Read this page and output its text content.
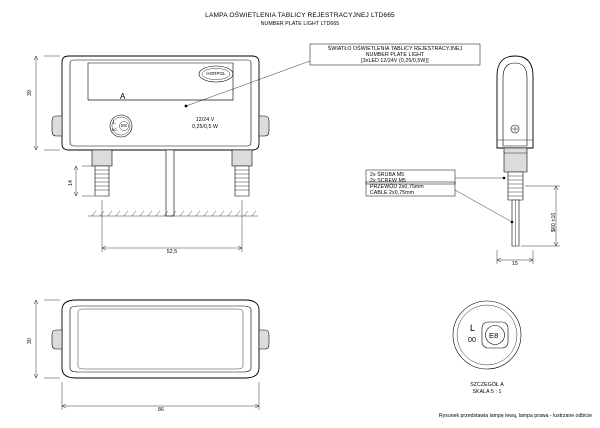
LAMPA OŚWIETLENIA TABLICY REJESTRACYJNEJ LTD665
NUMBER PLATE LIGHT LTD665
ŚWIATŁO OŚWIETLENIA TABLICY REJESTRACYJNEJ
NUMBER PLATE LIGHT
[3xLED 12/24V (0,25/0,5W)]
2x ŚRUBA M5
2x SCREW M5
PRZEWÓD 2x0,75mm
CABLE 2x0,75mm
A
12/24 V
0,25/0,5 W
L
00
E8
HORPOL
L
00
E8
SZCZEGÓŁ A
SKALA 5 : 1
39
14
52,5
15
$60 ±10
30
86
Rysunek przedstawia lampę lewą, lampa prawa - lustrzane odbicie
